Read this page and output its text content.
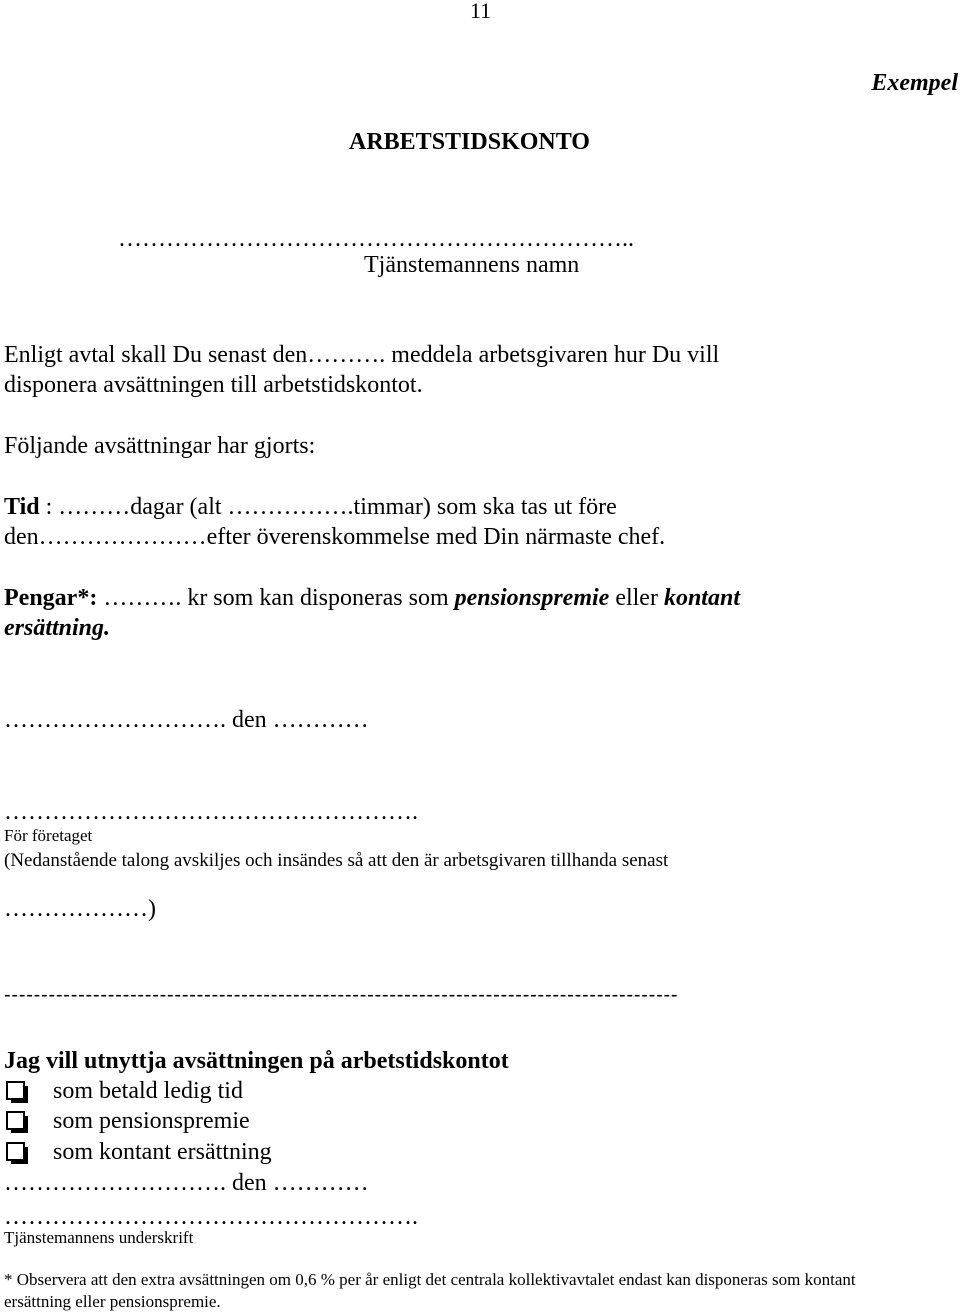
11
Exempel
ARBETSTIDSKONTO
………………………………………………………..
Tjänstemannens namn
Enligt avtal skall Du senast den………. meddela arbetsgivaren hur Du vill
disponera avsättningen till arbetstidskontot.
Följande avsättningar har gjorts:
Tid : ………dagar (alt …………….timmar) som ska tas ut före
den…………………efter överenskommelse med Din närmaste chef.
Pengar*: ………. kr som kan disponeras som pensionspremie eller kontant
ersättning.
………………………. den …………
…………………………………………….
För företaget
(Nedanstående talong avskiljes och insändes så att den är arbetsgivaren tillhanda senast
………………)
-------------------------------------------------------------------------------------------
Jag vill utnyttja avsättningen på arbetstidskontot
som betald ledig tid
som pensionspremie
som kontant ersättning
………………………. den …………
…………………………………………….
Tjänstemannens underskrift
* Observera att den extra avsättningen om 0,6 % per år enligt det centrala kollektivavtalet endast kan disponeras som kontant
ersättning eller pensionspremie.
